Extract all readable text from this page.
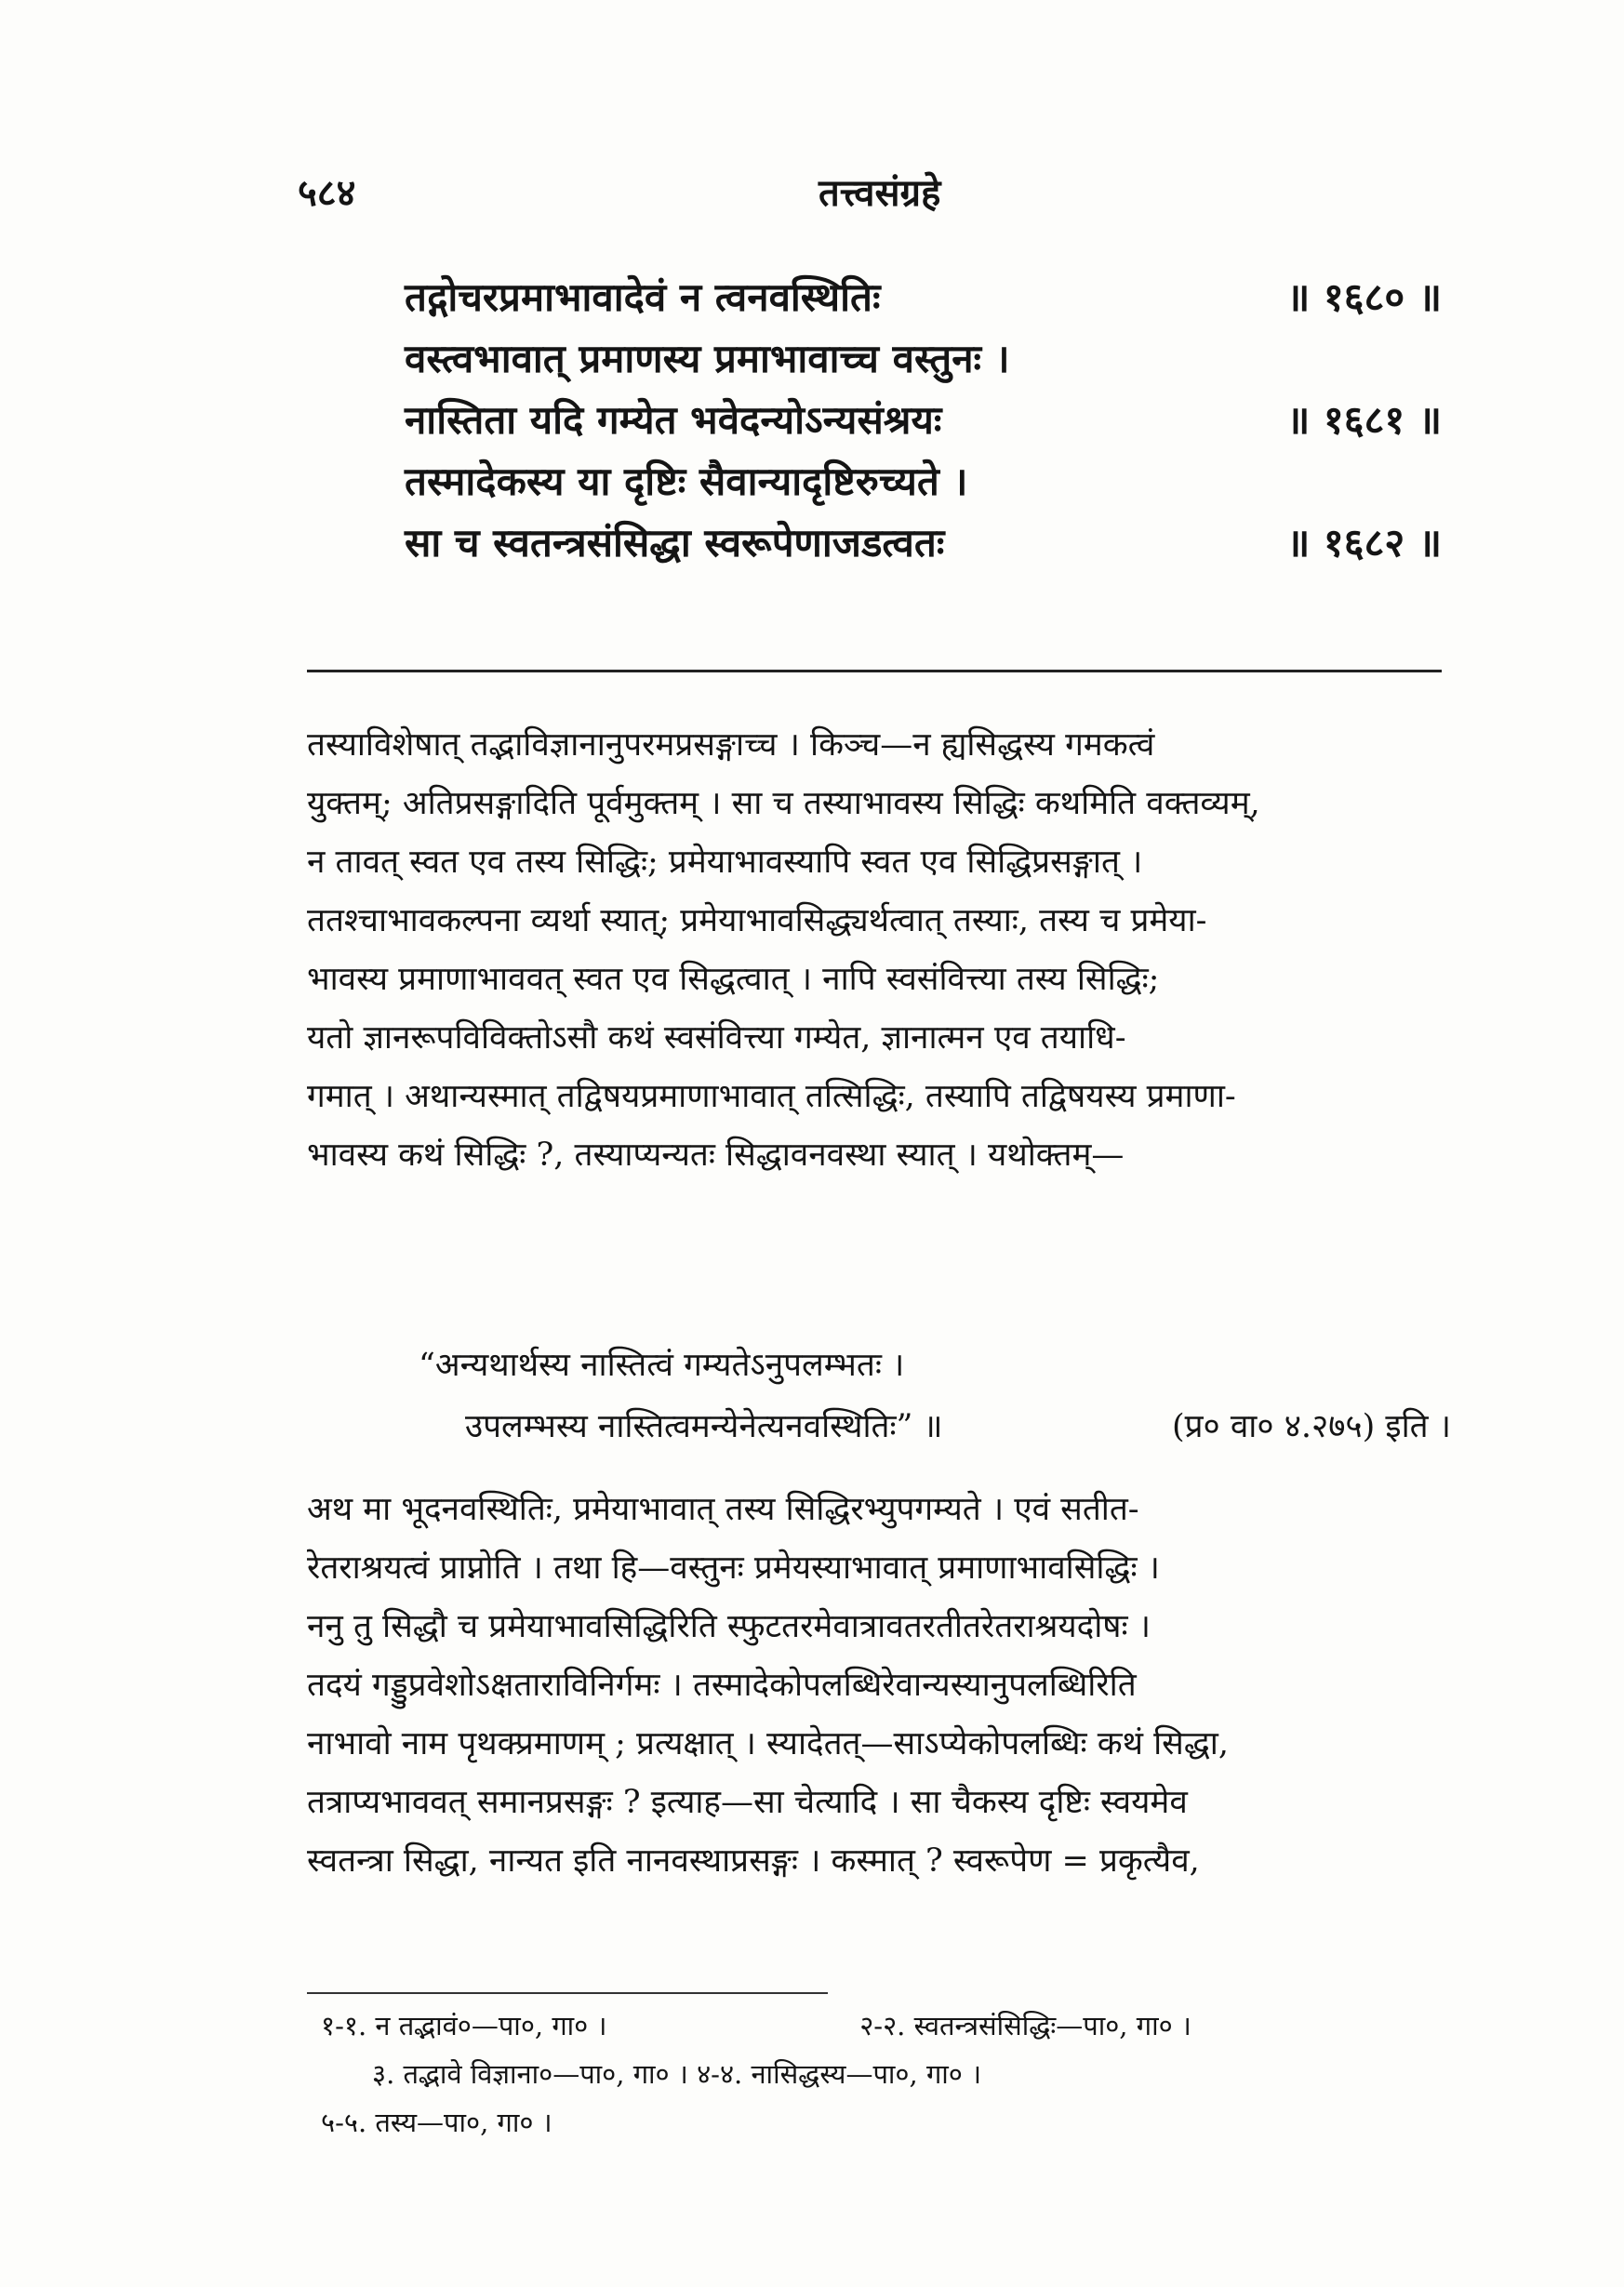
५८४	तत्त्वसंग्रहे
तद्गोचरप्रमाभावादेवं न त्वनवस्थितिः	॥ १६८० ॥
वस्त्वभावात् प्रमाणस्य प्रमाभावाच्च वस्तुनः ।
नास्तिता यदि गम्येत भवेदन्योऽन्यसंश्रयः	॥ १६८१ ॥
तस्मादेकस्य या दृष्टिः सैवान्यादृष्टिरुच्यते ।
सा च स्वतन्त्रसंसिद्धा स्वरूपेणाजडत्वतः	॥ १६८२ ॥
तस्याविशेषात् तद्भाविज्ञानानुपरमप्रसङ्गाच्च । किञ्च—न ह्यसिद्धस्य गमकत्वं
युक्तम्; अतिप्रसङ्गादिति पूर्वमुक्तम् । सा च तस्याभावस्य सिद्धिः कथमिति वक्तव्यम्,
न तावत् स्वत एव तस्य सिद्धिः; प्रमेयाभावस्यापि स्वत एव सिद्धिप्रसङ्गात् ।
ततश्चाभावकल्पना व्यर्था स्यात्; प्रमेयाभावसिद्ध्यर्थत्वात् तस्याः, तस्य च प्रमेया-
भावस्य प्रमाणाभाववत् स्वत एव सिद्धत्वात् । नापि स्वसंवित्त्या तस्य सिद्धिः;
यतो ज्ञानरूपविविक्तोऽसौ कथं स्वसंवित्त्या गम्येत, ज्ञानात्मन एव तयाधि-
गमात् । अथान्यस्मात् तद्विषयप्रमाणाभावात् तत्सिद्धिः, तस्यापि तद्विषयस्य प्रमाणा-
भावस्य कथं सिद्धिः ?, तस्याप्यन्यतः सिद्धावनवस्था स्यात् । यथोक्तम्—
“अन्यथार्थस्य नास्तित्वं गम्यतेऽनुपलम्भतः ।
उपलम्भस्य नास्तित्वमन्येनेत्यनवस्थितिः” ॥	(प्र० वा० ४.२७५) इति ।
अथ मा भूदनवस्थितिः, प्रमेयाभावात् तस्य सिद्धिरभ्युपगम्यते । एवं सतीत-
रेतराश्रयत्वं प्राप्नोति । तथा हि—वस्तुनः प्रमेयस्याभावात् प्रमाणाभावसिद्धिः ।
ननु तु सिद्धौ च प्रमेयाभावसिद्धिरिति स्फुटतरमेवात्रावतरतीतरेतराश्रयदोषः ।
तदयं गड्डुप्रवेशोऽक्षताराविनिर्गमः । तस्मादेकोपलब्धिरेवान्यस्यानुपलब्धिरिति
नाभावो नाम पृथक्प्रमाणम् ; प्रत्यक्षात् । स्यादेतत्—साऽप्येकोपलब्धिः कथं सिद्धा,
तत्राप्यभाववत् समानप्रसङ्गः ? इत्याह—सा चेत्यादि । सा चैकस्य दृष्टिः स्वयमेव
स्वतन्त्रा सिद्धा, नान्यत इति नानवस्थाप्रसङ्गः । कस्मात् ? स्वरूपेण = प्रकृत्यैव,
१-१. न तद्भावं०—पा०, गा० ।	२-२. स्वतन्त्रसंसिद्धिः—पा०, गा० ।
३. तद्भावे विज्ञाना०—पा०, गा० । ४-४. नासिद्धस्य—पा०, गा० ।
५-५. तस्य—पा०, गा० ।
